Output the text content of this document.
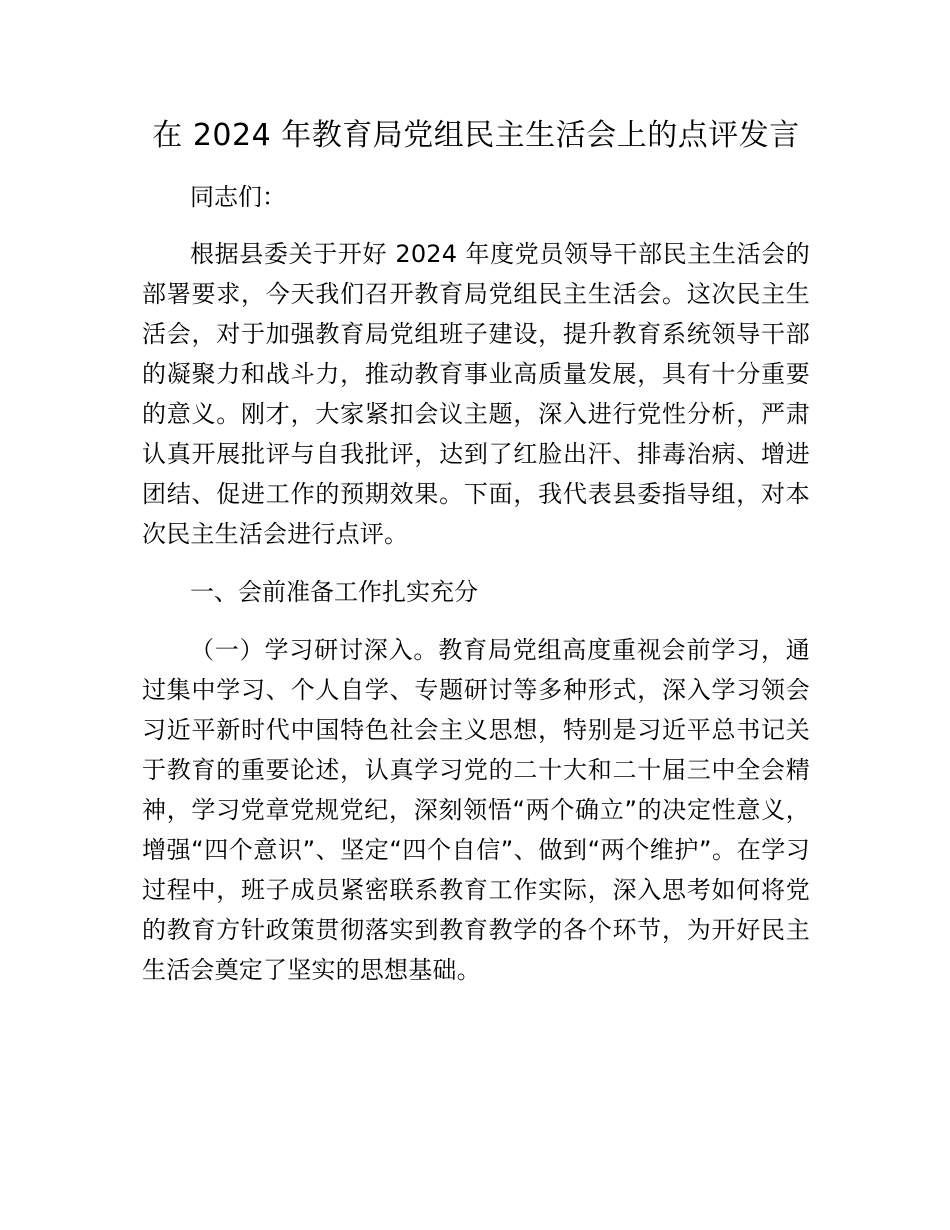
在 2024 年教育局党组民主生活会上的点评发言

同志们：

根据县委关于开好 2024 年度党员领导干部民主生活会的部署要求，今天我们召开教育局党组民主生活会。这次民主生活会，对于加强教育局党组班子建设，提升教育系统领导干部的凝聚力和战斗力，推动教育事业高质量发展，具有十分重要的意义。刚才，大家紧扣会议主题，深入进行党性分析，严肃认真开展批评与自我批评，达到了红脸出汗、排毒治病、增进团结、促进工作的预期效果。下面，我代表县委指导组，对本次民主生活会进行点评。

一、会前准备工作扎实充分

（一）学习研讨深入。教育局党组高度重视会前学习，通过集中学习、个人自学、专题研讨等多种形式，深入学习领会习近平新时代中国特色社会主义思想，特别是习近平总书记关于教育的重要论述，认真学习党的二十大和二十届三中全会精神，学习党章党规党纪，深刻领悟“两个确立”的决定性意义，增强“四个意识”、坚定“四个自信”、做到“两个维护”。在学习过程中，班子成员紧密联系教育工作实际，深入思考如何将党的教育方针政策贯彻落实到教育教学的各个环节，为开好民主生活会奠定了坚实的思想基础。
